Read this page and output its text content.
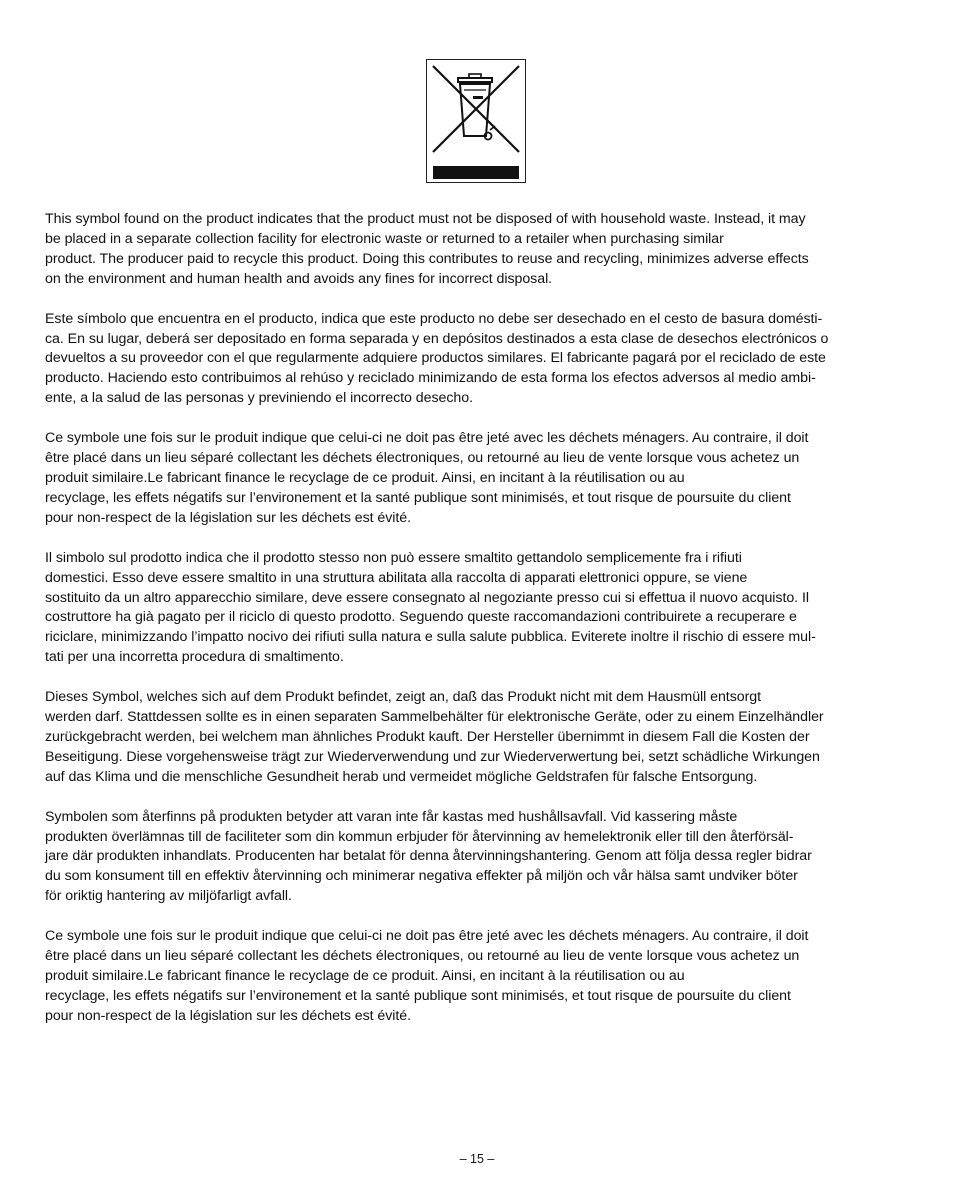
This symbol found on the product indicates that the product must not be disposed of with household waste. Instead, it may
be placed in a separate collection facility for electronic waste or returned to a retailer when purchasing similar
product. The producer paid to recycle this product. Doing this contributes to reuse and recycling, minimizes adverse effects
on the environment and human health and avoids any fines for incorrect disposal.

Este símbolo que encuentra en el producto, indica que este producto no debe ser desechado en el cesto de basura domésti-
ca. En su lugar, deberá ser depositado en forma separada y en depósitos destinados a esta clase de desechos electrónicos o
devueltos a su proveedor con el que regularmente adquiere productos similares. El fabricante pagará por el reciclado de este
producto. Haciendo esto contribuimos al rehúso y reciclado minimizando de esta forma los efectos adversos al medio ambi-
ente, a la salud de las personas y previniendo el incorrecto desecho.

Ce symbole une fois sur le produit indique que celui-ci ne doit pas être jeté avec les déchets ménagers. Au contraire, il doit
être placé dans un lieu séparé collectant les déchets électroniques, ou retourné au lieu de vente lorsque vous achetez un
produit similaire.Le fabricant finance le recyclage de ce produit. Ainsi, en incitant à la réutilisation ou au
recyclage, les effets négatifs sur l’environement et la santé publique sont minimisés, et tout risque de poursuite du client
pour non-respect de la législation sur les déchets est évité.

Il simbolo sul prodotto indica che il prodotto stesso non può essere smaltito gettandolo semplicemente fra i rifiuti
domestici. Esso deve essere smaltito in una struttura abilitata alla raccolta di apparati elettronici oppure, se viene
sostituito da un altro apparecchio similare, deve essere consegnato al negoziante presso cui si effettua il nuovo acquisto. Il
costruttore ha già pagato per il riciclo di questo prodotto. Seguendo queste raccomandazioni contribuirete a recuperare e
riciclare, minimizzando l’impatto nocivo dei rifiuti sulla natura e sulla salute pubblica. Eviterete inoltre il rischio di essere mul-
tati per una incorretta procedura di smaltimento.

Dieses Symbol, welches sich auf dem Produkt befindet, zeigt an, daß das Produkt nicht mit dem Hausmüll entsorgt
werden darf. Stattdessen sollte es in einen separaten Sammelbehälter für elektronische Geräte, oder zu einem Einzelhändler
zurückgebracht werden, bei welchem man ähnliches Produkt kauft. Der Hersteller übernimmt in diesem Fall die Kosten der
Beseitigung. Diese vorgehensweise trägt zur Wiederverwendung und zur Wiederverwertung bei, setzt schädliche Wirkungen
auf das Klima und die menschliche Gesundheit herab und vermeidet mögliche Geldstrafen für falsche Entsorgung.

Symbolen som återfinns på produkten betyder att varan inte får kastas med hushållsavfall. Vid kassering måste
produkten överlämnas till de faciliteter som din kommun erbjuder för återvinning av hemelektronik eller till den återförsäl-
jare där produkten inhandlats. Producenten har betalat för denna återvinningshantering. Genom att följa dessa regler bidrar
du som konsument till en effektiv återvinning och minimerar negativa effekter på miljön och vår hälsa samt undviker böter
för oriktig hantering av miljöfarligt avfall.

Ce symbole une fois sur le produit indique que celui-ci ne doit pas être jeté avec les déchets ménagers. Au contraire, il doit
être placé dans un lieu séparé collectant les déchets électroniques, ou retourné au lieu de vente lorsque vous achetez un
produit similaire.Le fabricant finance le recyclage de ce produit. Ainsi, en incitant à la réutilisation ou au
recyclage, les effets négatifs sur l’environement et la santé publique sont minimisés, et tout risque de poursuite du client
pour non-respect de la législation sur les déchets est évité.

– 15 –
